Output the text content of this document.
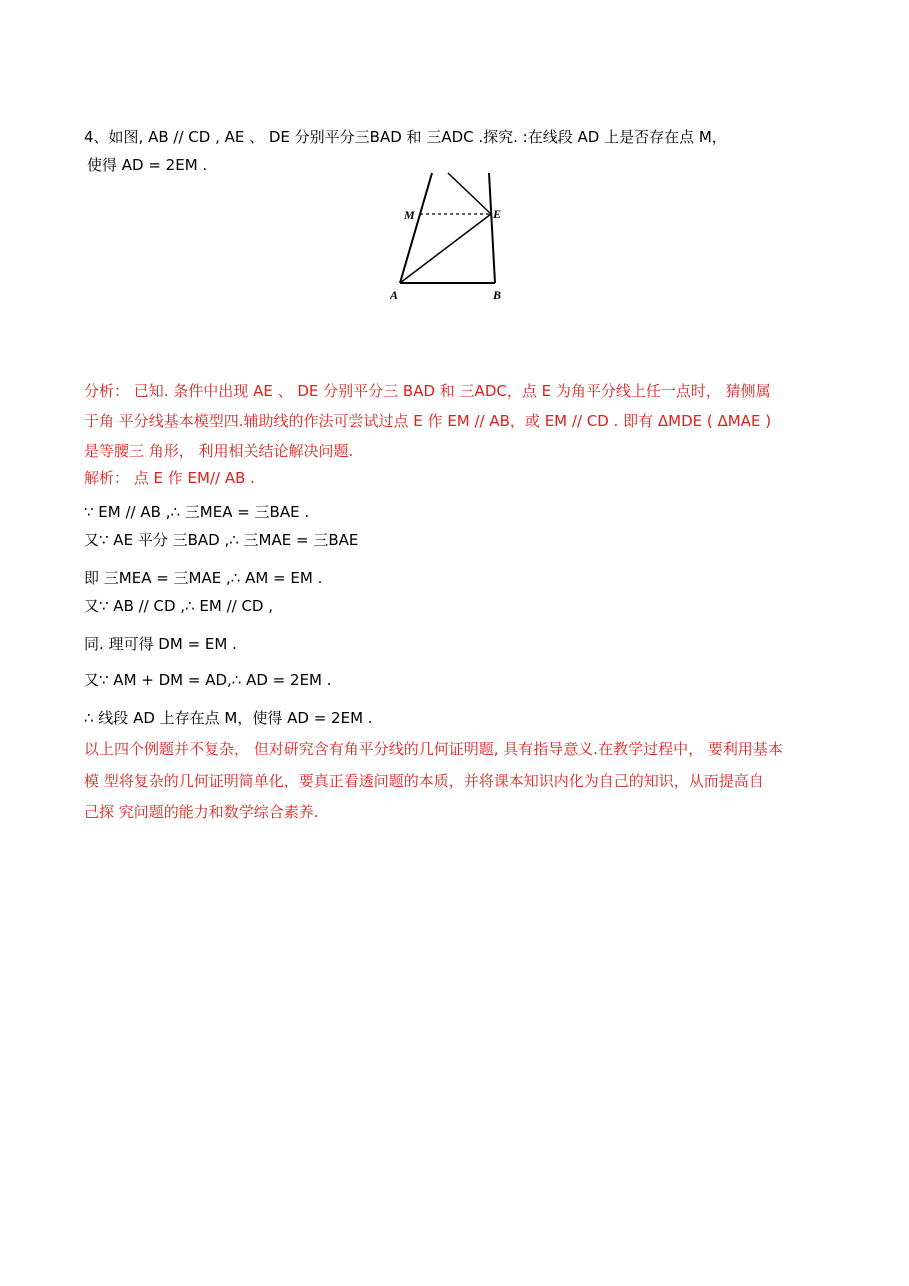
4、如图, AB // CD , AE 、 DE 分别平分三BAD 和 三ADC .探究. :在线段 AD 上是否存在点 M，
使得 AD = 2EM .
M	E
A	B
分析： 已知. 条件中出现 AE 、 DE 分别平分三 BAD 和 三ADC，点 E 为角平分线上任一点时， 猜侧属
于角 平分线基本模型四.辅助线的作法可尝试过点 E 作 EM // AB，或 EM // CD . 即有 ΔMDE ( ΔMAE )
是等腰三 角形， 利用相关结论解决问题.
解析： 点 E 作 EM// AB .
∵ EM // AB ,∴ 三MEA = 三BAE .
又∵ AE 平分 三BAD ,∴ 三MAE = 三BAE
即 三MEA = 三MAE ,∴ AM = EM .
又∵ AB // CD ,∴ EM // CD ,
同. 理可得 DM = EM .
又∵ AM + DM = AD,∴ AD = 2EM .
∴ 线段 AD 上存在点 M，使得 AD = 2EM .
以上四个例题并不复杂， 但对研究含有角平分线的几何证明题, 具有指导意义.在教学过程中， 要利用基本
模 型将复杂的几何证明简单化，要真正看透问题的本质，并将课本知识内化为自己的知识，从而提高自
己探 究问题的能力和数学综合素养.
